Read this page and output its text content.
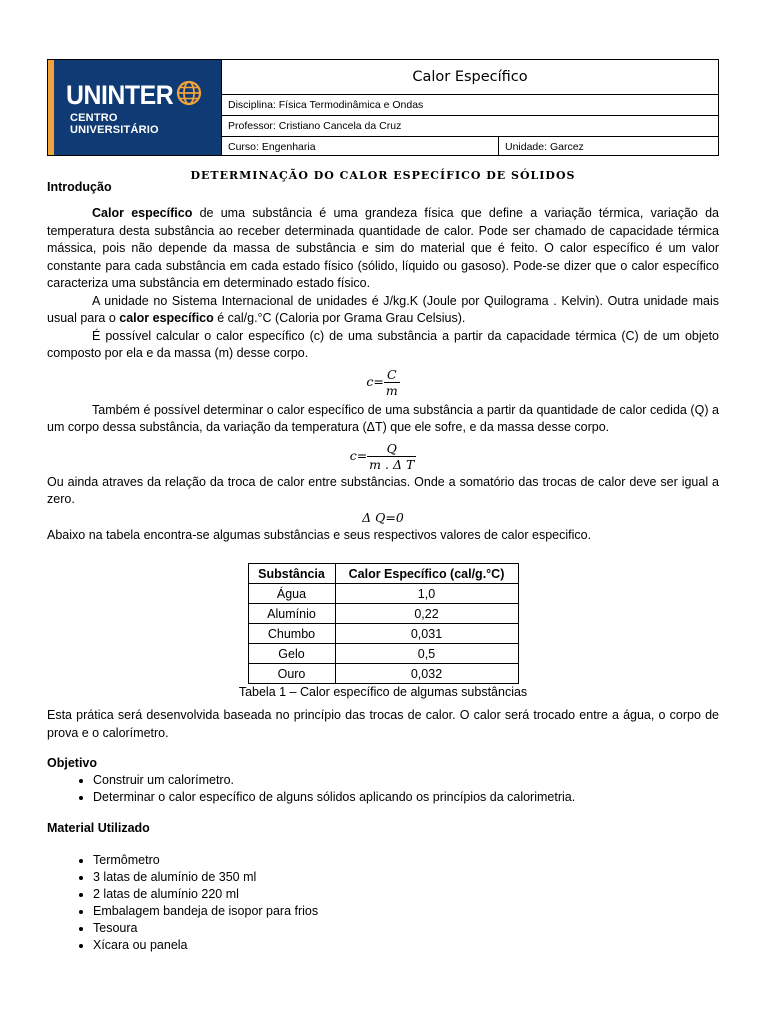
UNINTER
CENTRO
UNIVERSITÁRIO
Calor Específico
Disciplina: Física Termodinâmica e Ondas
Professor: Cristiano Cancela da Cruz
Curso: Engenharia	Unidade: Garcez
DETERMINAÇÃO DO CALOR ESPECÍFICO DE SÓLIDOS
Introdução

Calor específico de uma substância é uma grandeza física que define a variação térmica, variação da temperatura desta substância ao receber determinada quantidade de calor. Pode ser chamado de capacidade térmica mássica, pois não depende da massa de substância e sim do material que é feito. O calor específico é um valor constante para cada substância em cada estado físico (sólido, líquido ou gasoso). Pode-se dizer que o calor específico caracteriza uma substância em determinado estado físico.

A unidade no Sistema Internacional de unidades é J/kg.K (Joule por Quilograma . Kelvin). Outra unidade mais usual para o calor específico é cal/g.°C (Caloria por Grama Grau Celsius).

É possível calcular o calor específico (c) de uma substância a partir da capacidade térmica (C) de um objeto composto por ela e da massa (m) desse corpo.

$c= \frac{C}{m}$

Também é possível determinar o calor específico de uma substância a partir da quantidade de calor cedida (Q) a um corpo dessa substância, da variação da temperatura (ΔT) que ele sofre, e da massa desse corpo.

$c= \frac{Q}{\text{m . Δ T}}$

Ou ainda atraves da relação da troca de calor entre substâncias. Onde a somatório das trocas de calor deve ser igual a zero.

Δ Q=0

Abaixo na tabela encontra-se algumas substâncias e seus respectivos valores de calor especifico.

Substância	Calor Específico (cal/g.°C)
Água	1,0
Alumínio	0,22
Chumbo	0,031
Gelo	0,5
Ouro	0,032
Tabela 1 – Calor específico de algumas substâncias

Esta prática será desenvolvida baseada no princípio das trocas de calor. O calor será trocado entre a água, o corpo de prova e o calorímetro.

Objetivo
• Construir um calorímetro.
• Determinar o calor específico de alguns sólidos aplicando os princípios da calorimetria.
Material Utilizado
• Termômetro
• 3 latas de alumínio de 350 ml
• 2 latas de alumínio 220 ml
• Embalagem bandeja de isopor para frios
• Tesoura
• Xícara ou panela
